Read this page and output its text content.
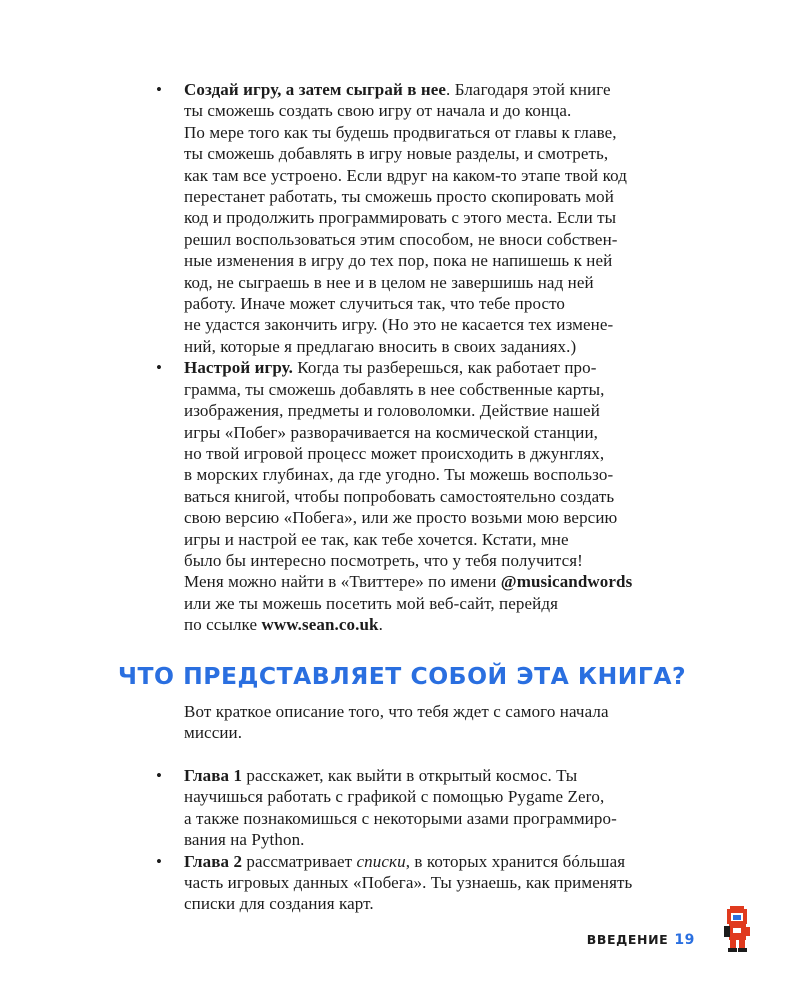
• Создай игру, а затем сыграй в нее. Благодаря этой книге
ты сможешь создать свою игру от начала и до конца.
По мере того как ты будешь продвигаться от главы к главе,
ты сможешь добавлять в игру новые разделы, и смотреть,
как там все устроено. Если вдруг на каком-то этапе твой код
перестанет работать, ты сможешь просто скопировать мой
код и продолжить программировать с этого места. Если ты
решил воспользоваться этим способом, не вноси собствен-
ные изменения в игру до тех пор, пока не напишешь к ней
код, не сыграешь в нее и в целом не завершишь над ней
работу. Иначе может случиться так, что тебе просто
не удастся закончить игру. (Но это не касается тех измене-
ний, которые я предлагаю вносить в своих заданиях.)
• Настрой игру. Когда ты разберешься, как работает про-
грамма, ты сможешь добавлять в нее собственные карты,
изображения, предметы и головоломки. Действие нашей
игры «Побег» разворачивается на космической станции,
но твой игровой процесс может происходить в джунглях,
в морских глубинах, да где угодно. Ты можешь воспользо-
ваться книгой, чтобы попробовать самостоятельно создать
свою версию «Побега», или же просто возьми мою версию
игры и настрой ее так, как тебе хочется. Кстати, мне
было бы интересно посмотреть, что у тебя получится!
Меня можно найти в «Твиттере» по имени @musicandwords
или же ты можешь посетить мой веб-сайт, перейдя
по ссылке www.sean.co.uk.
ЧТО ПРЕДСТАВЛЯЕТ СОБОЙ ЭТА КНИГА?
Вот краткое описание того, что тебя ждет с самого начала
миссии.
• Глава 1 расскажет, как выйти в открытый космос. Ты
научишься работать с графикой с помощью Pygame Zero,
а также познакомишься с некоторыми азами программиро-
вания на Python.
• Глава 2 рассматривает списки, в которых хранится бóльшая
часть игровых данных «Побега». Ты узнаешь, как применять
списки для создания карт.
ВВЕДЕНИЕ 19
